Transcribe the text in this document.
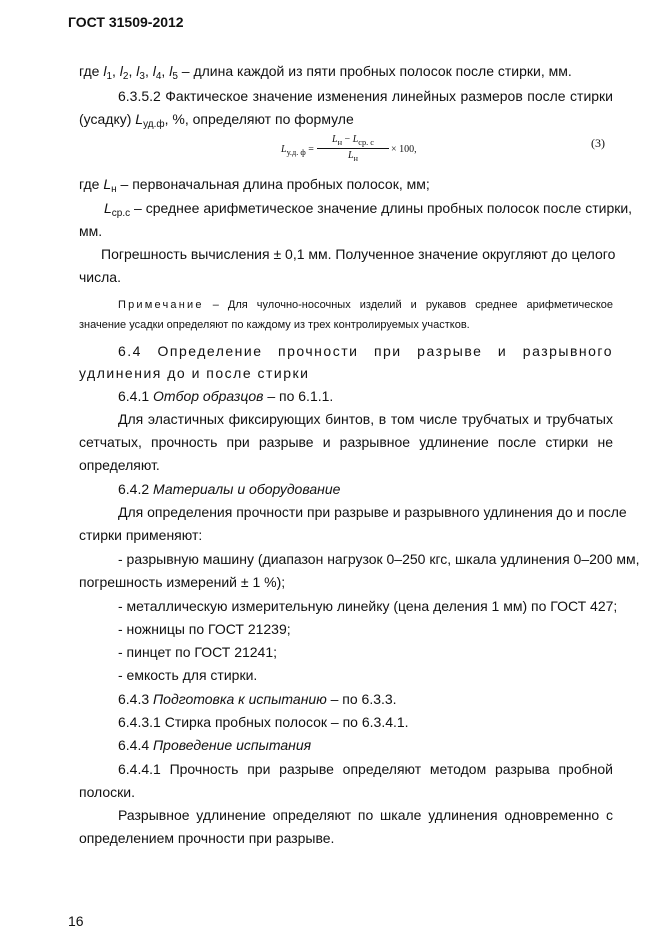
ГОСТ 31509-2012
где $l_1$, $l_2$, $l_3$, $l_4$, $l_5$ – длина каждой из пяти пробных полосок после стирки, мм.
6.3.5.2 Фактическое значение изменения линейных размеров после стирки
(усадку) $L_{уд.ф}$, %, определяют по формуле
$L_{у.д. ф}$ =
$L_н - L_{ср. с}$
$L_н$
× 100,	(3)
где $L_н$ – первоначальная длина пробных полосок, мм;
$L_{ср.с}$ – среднее арифметическое значение длины пробных полосок после стирки,
мм.
Погрешность вычисления ± 0,1 мм. Полученное значение округляют до целого
числа.
Примечание – Для чулочно-носочных изделий и рукавов среднее арифметическое
значение усадки определяют по каждому из трех контролируемых участков.
6.4 Определение прочности при разрыве и разрывного
удлинения до и после стирки
6.4.1 Отбор образцов – по 6.1.1.
Для эластичных фиксирующих бинтов, в том числе трубчатых и трубчатых
сетчатых, прочность при разрыве и разрывное удлинение после стирки не
определяют.
6.4.2 Материалы и оборудование
Для определения прочности при разрыве и разрывного удлинения до и после
стирки применяют:
- разрывную машину (диапазон нагрузок 0–250 кгс, шкала удлинения 0–200 мм,
погрешность измерений ± 1 %);
- металлическую измерительную линейку (цена деления 1 мм) по ГОСТ 427;
- ножницы по ГОСТ 21239;
- пинцет по ГОСТ 21241;
- емкость для стирки.
6.4.3 Подготовка к испытанию – по 6.3.3.
6.4.3.1 Стирка пробных полосок – по 6.3.4.1.
6.4.4 Проведение испытания
6.4.4.1 Прочность при разрыве определяют методом разрыва пробной
полоски.
Разрывное удлинение определяют по шкале удлинения одновременно с
определением прочности при разрыве.
16
